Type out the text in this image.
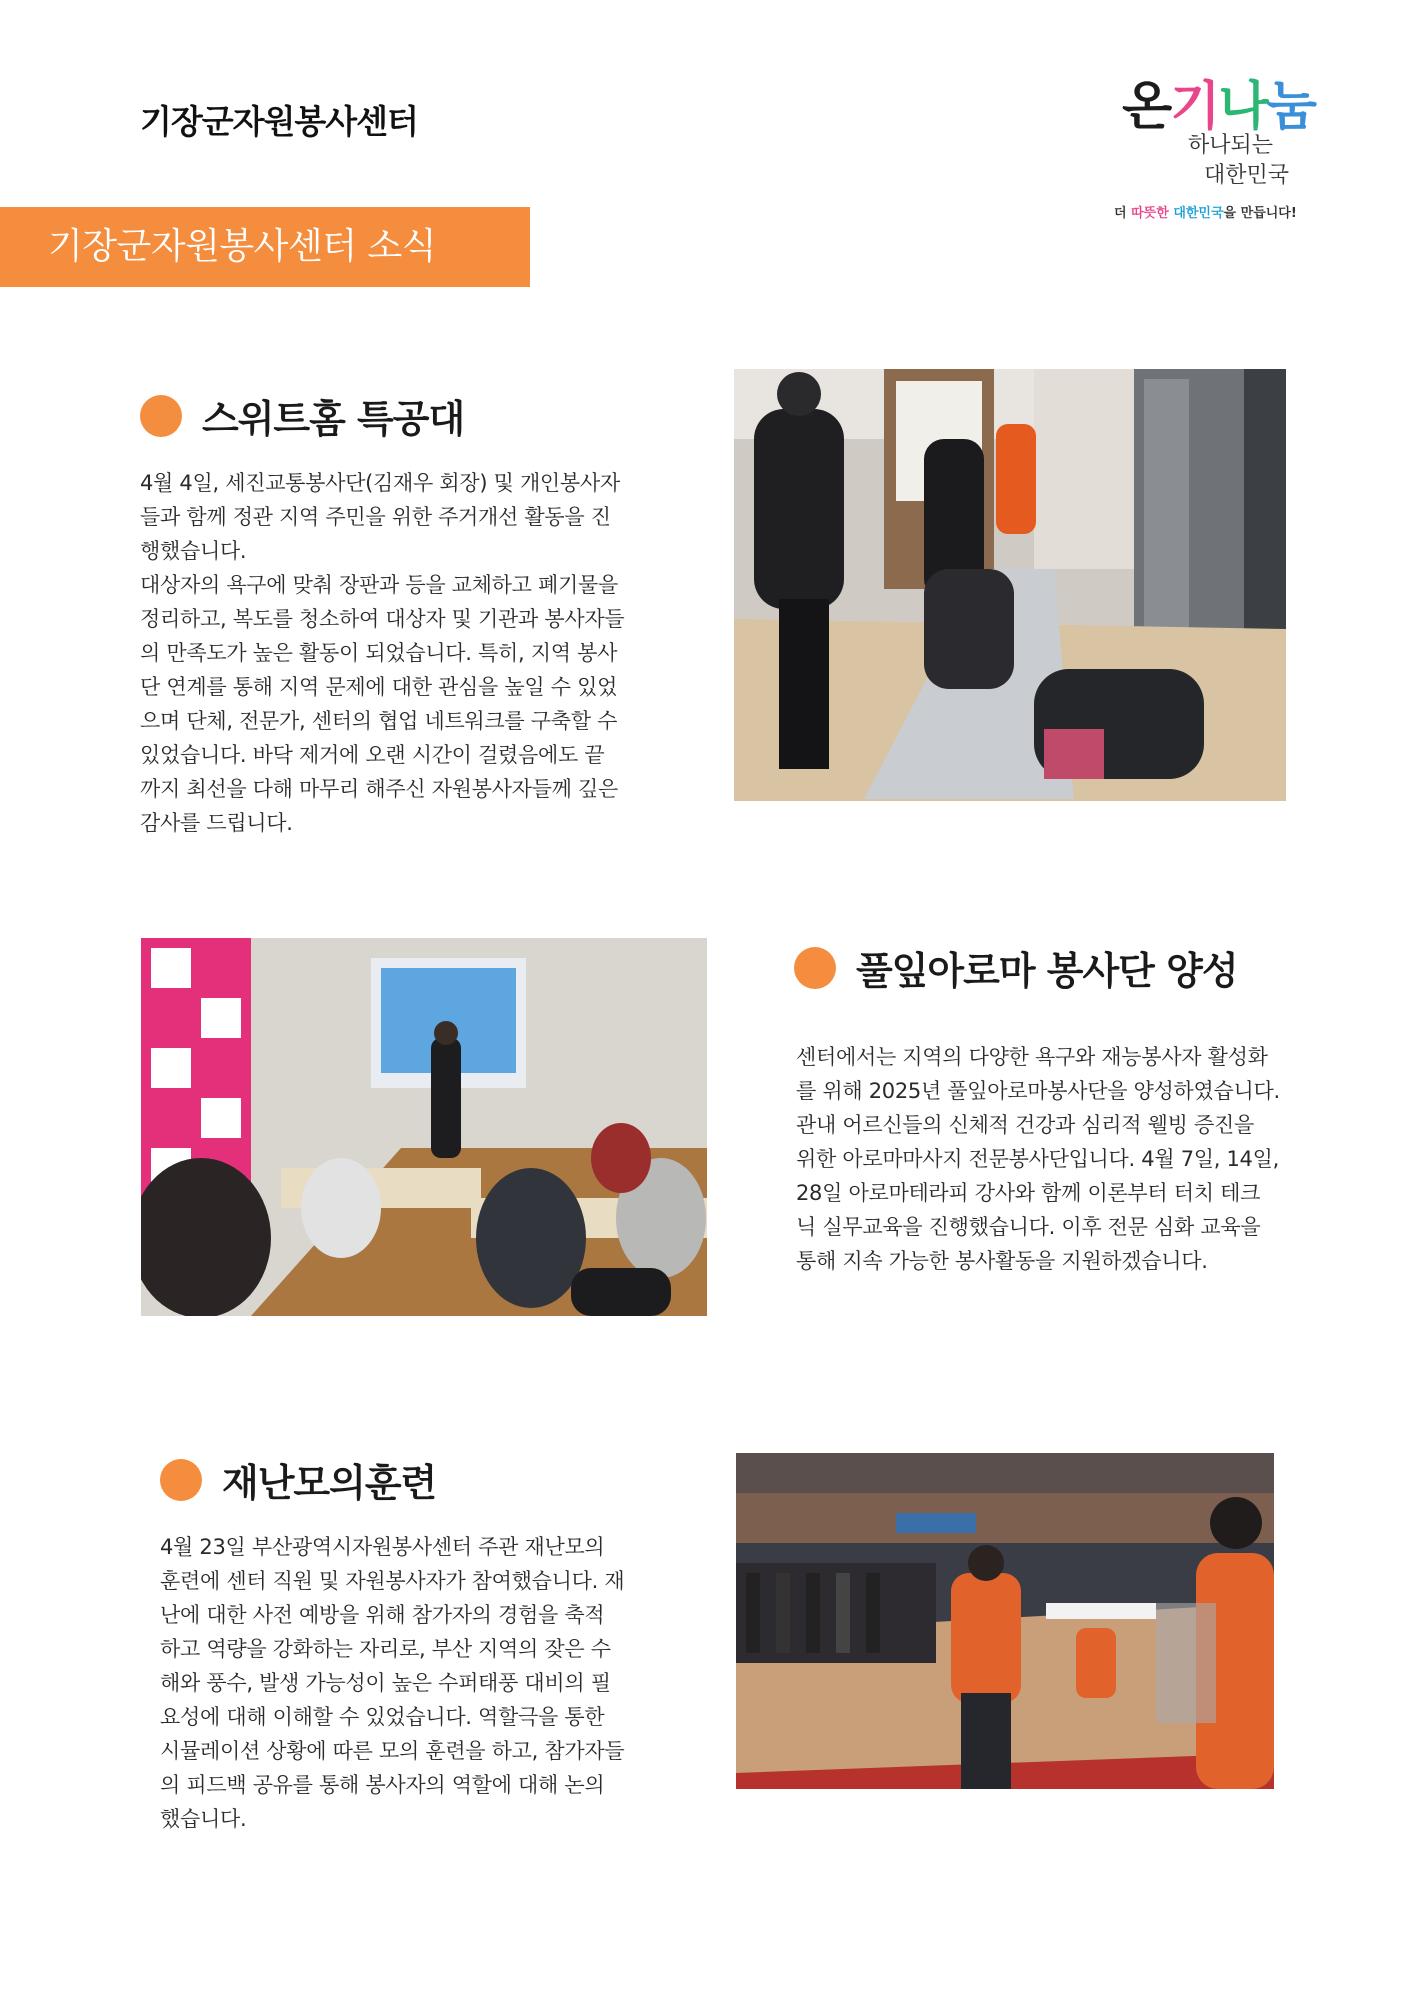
기장군자원봉사센터
기장군자원봉사센터 소식
온기나눔
하나되는
대한민국
더 따뜻한 대한민국을 만듭니다!
스위트홈 특공대

4월 4일, 세진교통봉사단(김재우 회장) 및 개인봉사자
들과 함께 정관 지역 주민을 위한 주거개선 활동을 진
행했습니다.
대상자의 욕구에 맞춰 장판과 등을 교체하고 폐기물을
정리하고, 복도를 청소하여 대상자 및 기관과 봉사자들
의 만족도가 높은 활동이 되었습니다. 특히, 지역 봉사
단 연계를 통해 지역 문제에 대한 관심을 높일 수 있었
으며 단체, 전문가, 센터의 협업 네트워크를 구축할 수
있었습니다. 바닥 제거에 오랜 시간이 걸렸음에도 끝
까지 최선을 다해 마무리 해주신 자원봉사자들께 깊은
감사를 드립니다.

풀잎아로마 봉사단 양성

센터에서는 지역의 다양한 욕구와 재능봉사자 활성화
를 위해 2025년 풀잎아로마봉사단을 양성하였습니다.
관내 어르신들의 신체적 건강과 심리적 웰빙 증진을
위한 아로마마사지 전문봉사단입니다. 4월 7일, 14일,
28일 아로마테라피 강사와 함께 이론부터 터치 테크
닉 실무교육을 진행했습니다. 이후 전문 심화 교육을
통해 지속 가능한 봉사활동을 지원하겠습니다.

재난모의훈련

4월 23일 부산광역시자원봉사센터 주관 재난모의
훈련에 센터 직원 및 자원봉사자가 참여했습니다. 재
난에 대한 사전 예방을 위해 참가자의 경험을 축적
하고 역량을 강화하는 자리로, 부산 지역의 잦은 수
해와 풍수, 발생 가능성이 높은 수퍼태풍 대비의 필
요성에 대해 이해할 수 있었습니다. 역할극을 통한
시뮬레이션 상황에 따른 모의 훈련을 하고, 참가자들
의 피드백 공유를 통해 봉사자의 역할에 대해 논의
했습니다.
